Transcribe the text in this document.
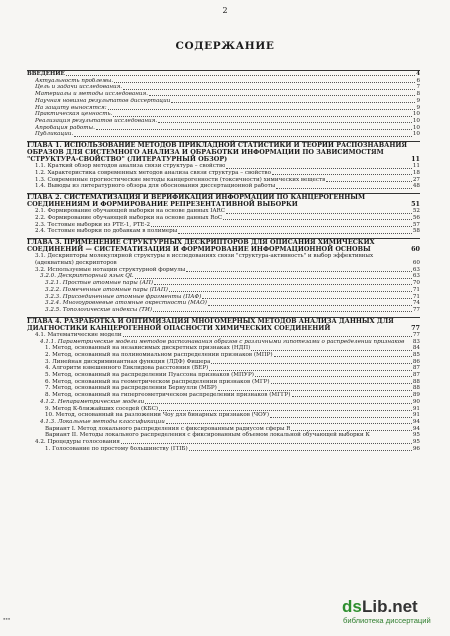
2
СОДЕРЖАНИЕ
ВВЕДЕНИЕ	4
Актуальность проблемы.	6
Цель и задачи исследования.	7
Материалы и методы исследования.	8
Научная новизна результатов диссертации	9
На защиту выносятся:	9
Практическая ценность.	10
Реализация результатов исследования.	10
Апробация работы.	10
Публикации.	10
ГЛАВА 1. ИСПОЛЬЗОВАНИЕ МЕТОДОВ ПРИКЛАДНОЙ СТАТИСТИКИ И ТЕОРИИ РАСПОЗНАВАНИЯ ОБРАЗОВ ДЛЯ СИСТЕМНОГО АНАЛИЗА И ОБРАБОТКИ ИНФОРМАЦИИ ПО ЗАВИСИМОСТЯМ "СТРУКТУРА-СВОЙСТВО" (ЛИТЕРАТУРНЫЙ ОБЗОР)	11
1.1. Краткий обзор методов анализа связи структура – свойство	11
1.2. Характеристика современных методов анализа связи структура – свойство	18
1.3. Современные прогностические методы канцерогенности (токсичности) химических веществ	27
1.4. Выводы из литературного обзора для обоснования диссертационной работы	48
ГЛАВА 2. СИСТЕМАТИЗАЦИЯ И ВЕРИФИКАЦИЯ ИНФОРМАЦИИ ПО КАНЦЕРОГЕННЫМ СОЕДИНЕНИЯМ И ФОРМИРОВАНИЕ РЕПРЕЗЕНТАТИВНОЙ ВЫБОРКИ	51
2.1. Формирование обучающей выборки на основе данных IARC	52
2.2. Формирование обучающей выборки на основе данных RoC	56
2.3. Тестовые выборки из PTE-1, PTE-2	57
2.4. Тестовые выборки по добавкам в полимеры	58
ГЛАВА 3. ПРИМЕНЕНИЕ СТРУКТУРНЫХ ДЕСКРИПТОРОВ ДЛЯ ОПИСАНИЯ ХИМИЧЕСКИХ СОЕДИНЕНИЙ — СИСТЕМАТИЗАЦИЯ И ФОРМИРОВАНИЕ ИНФОРМАЦИОННОЙ ОСНОВЫ	60
3.1. Дескрипторы молекулярной структуры в исследованиях связи "структура-активность" и выбор эффективных (адекватных) дескрипторов	60
3.2. Используемые нотации структурной формулы	63
3.2.0. Дескрипторный язык QL	63
3.2.1. Простые атомные пары (АП)	70
3.2.2. Помеченные атомные пары (ПАП)	71
3.2.3. Присоединенные атомные фрагменты (ПАФ)	71
3.2.4. Многоуровневые атомные окрестности (МАО)	74
3.2.5. Топологические индексы (ТИ)	77
ГЛАВА 4. РАЗРАБОТКА И ОПТИМИЗАЦИЯ МНОГОМЕРНЫХ МЕТОДОВ АНАЛИЗА ДАННЫХ ДЛЯ ДИАГНОСТИКИ КАНЦЕРОГЕННОЙ ОПАСНОСТИ ХИМИЧЕСКИХ СОЕДИНЕНИЙ	77
4.1. Математические модели	77
4.1.1. Параметрические модели методов распознавания образов с различными гипотезами о распределении признаков	83
1. Метод, основанный на независимых дискретных признаках (НДП)	84
2. Метод, основанный на полиномиальном распределении признаков (МПР)	85
3. Линейная дискриминантная функция (ЛДФ) Фишера	86
4. Алгоритм взвешенного Евклидова расстояния (ВЕР)	87
5. Метод, основанный на распределении Пуассона признаков (МПУР)	87
6. Метод, основанный на геометрическом распределении признаков (МГР)	88
7. Метод, основанный на распределении Бернулли (МБР)	88
8. Метод, основанный на гипергеометрическом распределении признаков (МГГР)	89
4.1.2. Непараметрические модели	90
9. Метод К-ближайших соседей (КБС)	91
10. Метод, основанный на разложении Чоу для бинарных признаков (ЧОУ)	91
4.1.3. Локальные методы классификации	94
Вариант I. Метод локального распределения с фиксированным радиусом сферы R	94
Вариант II. Методы локального распределения с фиксированным объемом локальной обучающей выборки К	95
4.2. Процедуры голосования	95
1. Голосование по простому большинству (ГПБ)	96
▪▪▪
ds Lib.net
библиотека диссертаций
